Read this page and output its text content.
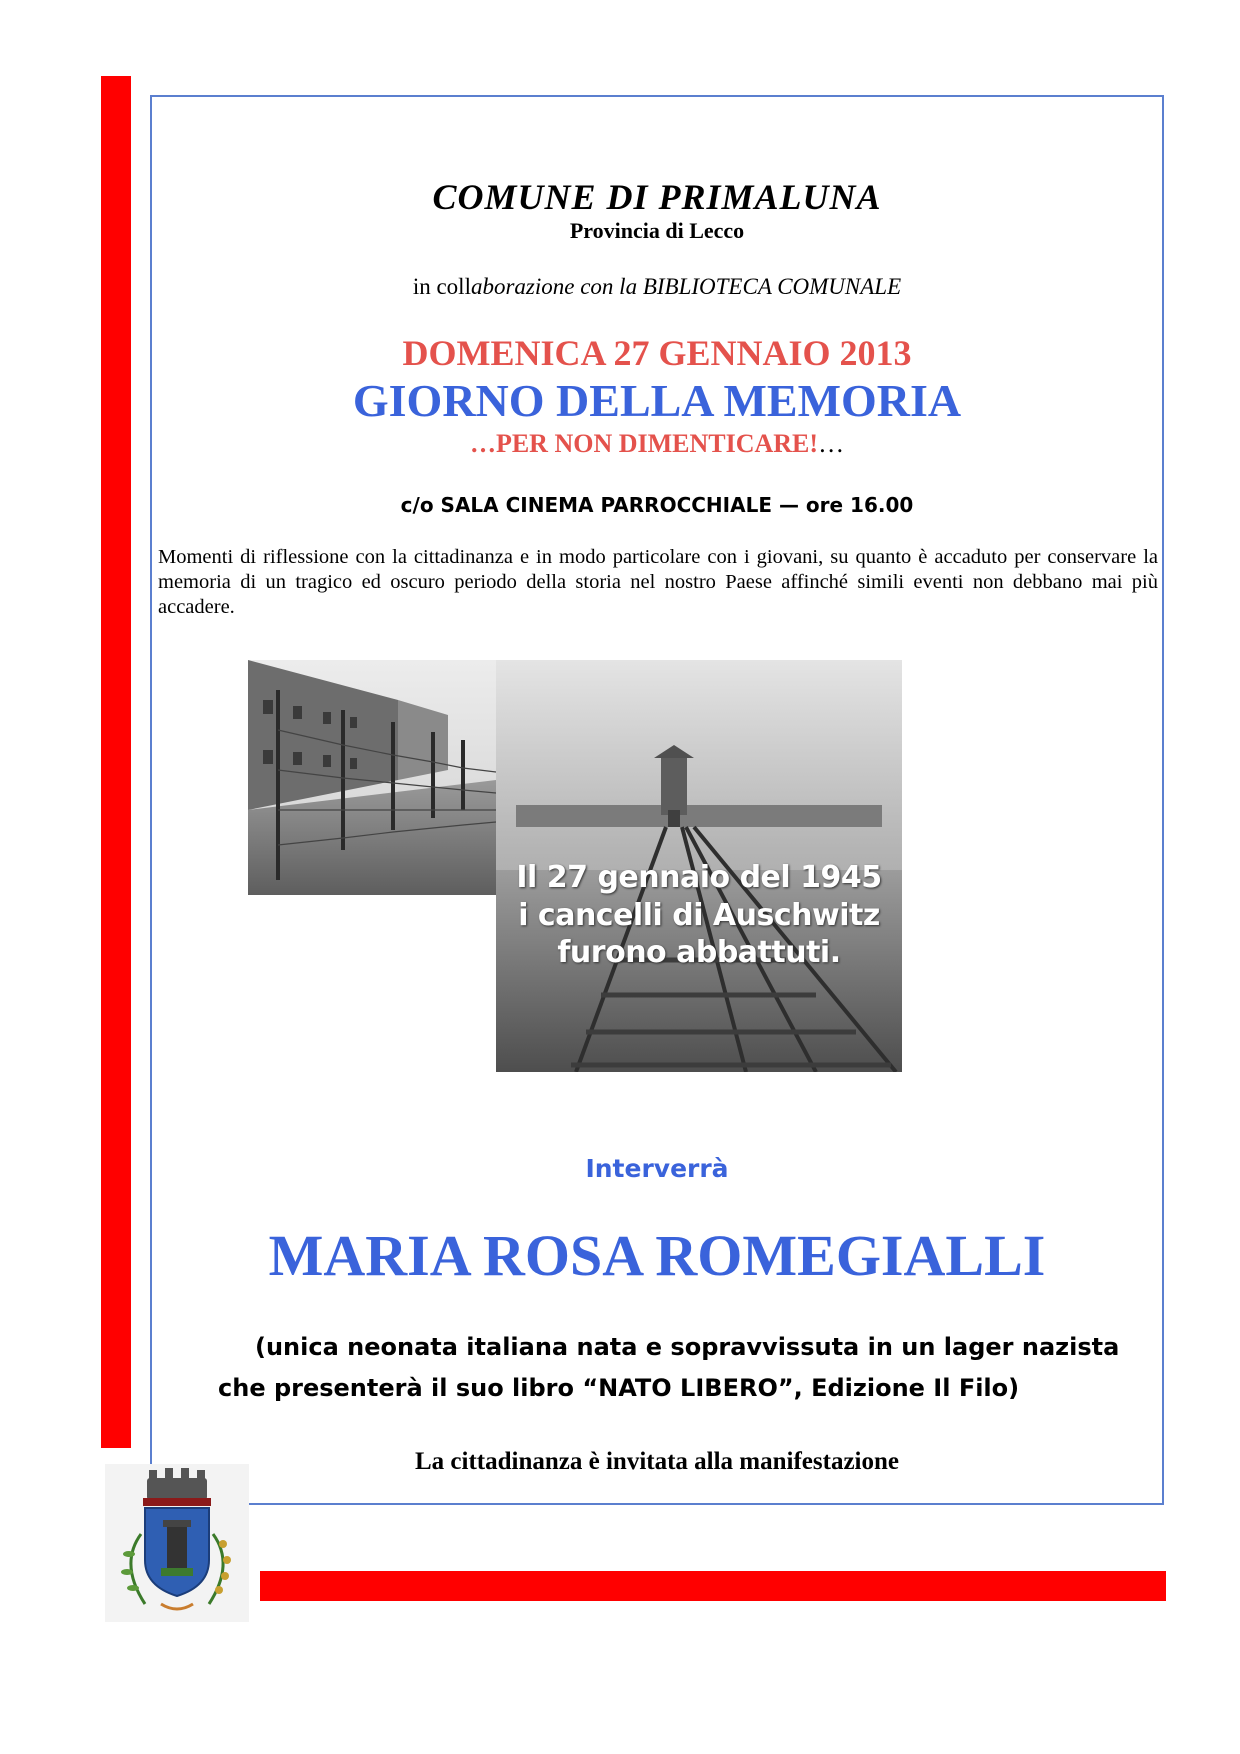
COMUNE DI PRIMALUNA
Provincia di Lecco
in collaborazione con la BIBLIOTECA COMUNALE
DOMENICA 27 GENNAIO 2013
GIORNO DELLA MEMORIA
…PER NON DIMENTICARE!…
c/o SALA CINEMA PARROCCHIALE — ore 16.00
Momenti di riflessione con la cittadinanza e in modo particolare con i giovani, su quanto è accaduto per conservare la memoria di un tragico ed oscuro periodo della storia nel nostro Paese affinché simili eventi non debbano mai più accadere.
Il 27 gennaio del 1945
i cancelli di Auschwitz
furono abbattuti.
Interverrà
MARIA ROSA ROMEGIALLI
(unica neonata italiana nata e sopravvissuta in un lager nazista
che presenterà il suo libro “NATO LIBERO”, Edizione Il Filo)
La cittadinanza è invitata alla manifestazione
